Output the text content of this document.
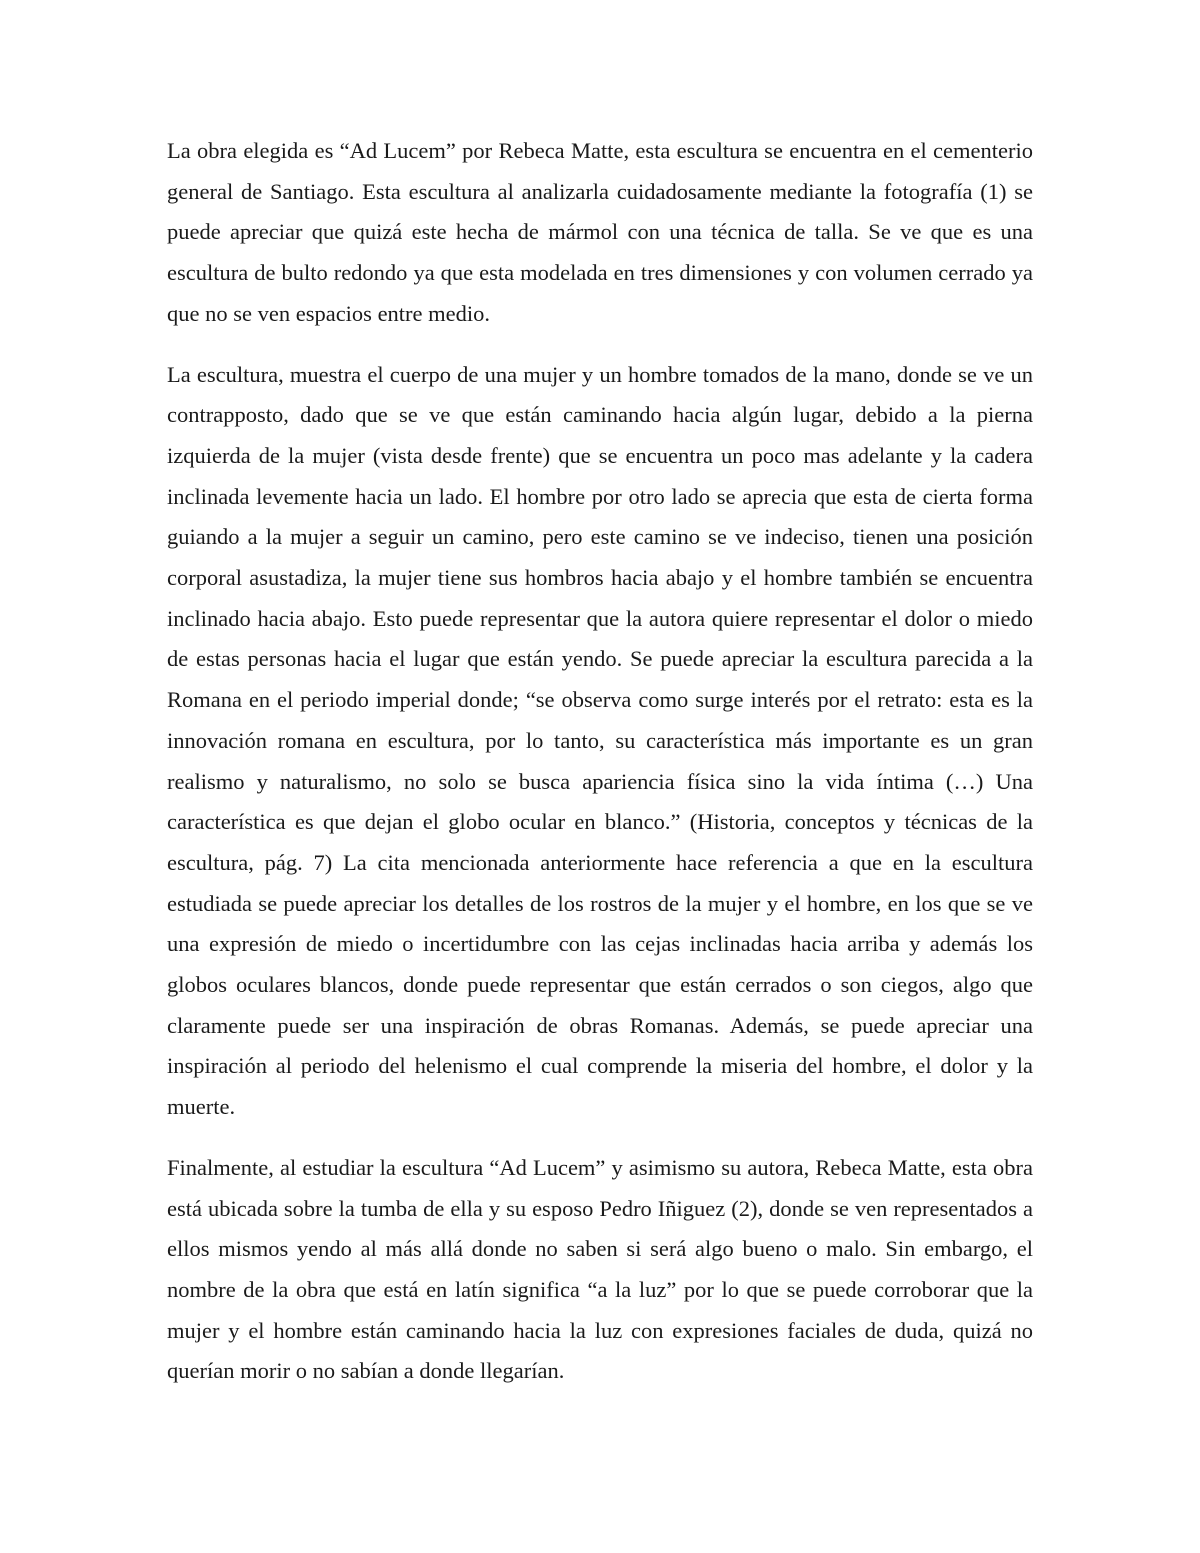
La obra elegida es “Ad Lucem” por Rebeca Matte, esta escultura se encuentra en el cementerio general de Santiago. Esta escultura al analizarla cuidadosamente mediante la fotografía (1) se puede apreciar que quizá este hecha de mármol con una técnica de talla. Se ve que es una escultura de bulto redondo ya que esta modelada en tres dimensiones y con volumen cerrado ya que no se ven espacios entre medio.

La escultura, muestra el cuerpo de una mujer y un hombre tomados de la mano, donde se ve un contrapposto, dado que se ve que están caminando hacia algún lugar, debido a la pierna izquierda de la mujer (vista desde frente) que se encuentra un poco mas adelante y la cadera inclinada levemente hacia un lado. El hombre por otro lado se aprecia que esta de cierta forma guiando a la mujer a seguir un camino, pero este camino se ve indeciso, tienen una posición corporal asustadiza, la mujer tiene sus hombros hacia abajo y el hombre también se encuentra inclinado hacia abajo. Esto puede representar que la autora quiere representar el dolor o miedo de estas personas hacia el lugar que están yendo. Se puede apreciar la escultura parecida a la Romana en el periodo imperial donde; “se observa como surge interés por el retrato: esta es la innovación romana en escultura, por lo tanto, su característica más importante es un gran realismo y naturalismo, no solo se busca apariencia física sino la vida íntima (…) Una característica es que dejan el globo ocular en blanco.” (Historia, conceptos y técnicas de la escultura, pág. 7) La cita mencionada anteriormente hace referencia a que en la escultura estudiada se puede apreciar los detalles de los rostros de la mujer y el hombre, en los que se ve una expresión de miedo o incertidumbre con las cejas inclinadas hacia arriba y además los globos oculares blancos, donde puede representar que están cerrados o son ciegos, algo que claramente puede ser una inspiración de obras Romanas. Además, se puede apreciar una inspiración al periodo del helenismo el cual comprende la miseria del hombre, el dolor y la muerte.

Finalmente, al estudiar la escultura “Ad Lucem” y asimismo su autora, Rebeca Matte, esta obra está ubicada sobre la tumba de ella y su esposo Pedro Iñiguez (2), donde se ven representados a ellos mismos yendo al más allá donde no saben si será algo bueno o malo. Sin embargo, el nombre de la obra que está en latín significa “a la luz” por lo que se puede corroborar que la mujer y el hombre están caminando hacia la luz con expresiones faciales de duda, quizá no querían morir o no sabían a donde llegarían.
